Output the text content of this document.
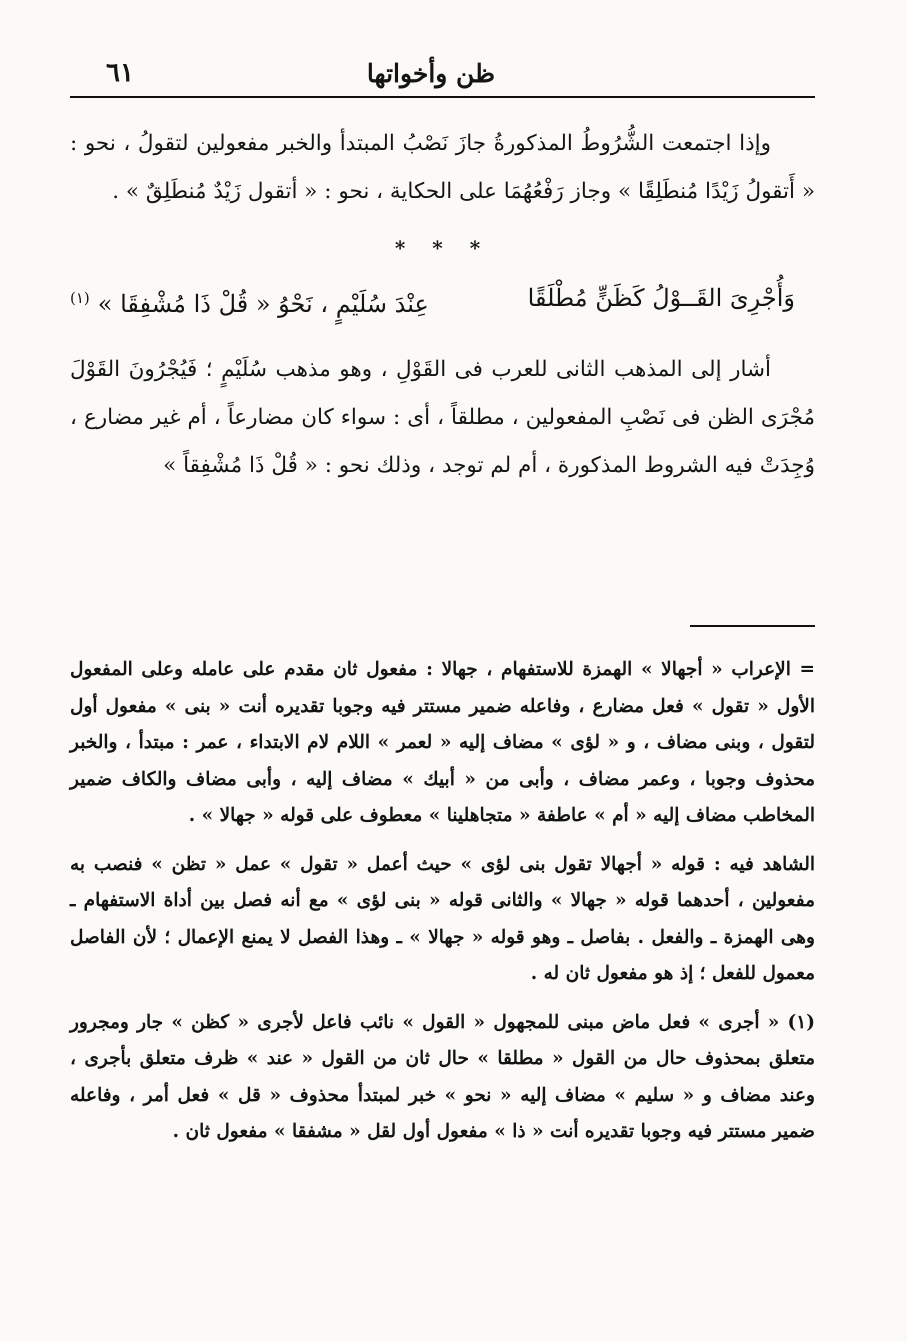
ظن وأخواتها
٦١

وإذا اجتمعت الشُّرُوطُ المذكورةُ جازَ نَصْبُ المبتدأ والخبر مفعولين لتقولُ ، نحو : « أَتقولُ زَيْدًا مُنطَلِقًا » وجاز رَفْعُهُمَا على الحكاية ، نحو : « أتقول زَيْدٌ مُنطَلِقٌ » .

* * *
وَأُجْرِىَ القَــوْلُ كَظَنٍّ مُطْلَقًا
عِنْدَ سُلَيْمٍ ، نَحْوُ « قُلْ ذَا مُشْفِقَا »$^{(١)}$

أشار إلى المذهب الثانى للعرب فى القَوْلِ ، وهو مذهب سُلَيْمٍ ؛ فَيُجْرُونَ القَوْلَ مُجْرَى الظن فى نَصْبِ المفعولين ، مطلقاً ، أى : سواء كان مضارعاً ، أم غير مضارع ، وُجِدَتْ فيه الشروط المذكورة ، أم لم توجد ، وذلك نحو : « قُلْ ذَا مُشْفِقاً »

= الإعراب « أجهالا » الهمزة للاستفهام ، جهالا : مفعول ثان مقدم على عامله وعلى المفعول الأول « تقول » فعل مضارع ، وفاعله ضمير مستتر فيه وجوبا تقديره أنت « بنى » مفعول أول لتقول ، وبنى مضاف ، و « لؤى » مضاف إليه « لعمر » اللام لام الابتداء ، عمر : مبتدأ ، والخبر محذوف وجوبا ، وعمر مضاف ، وأبى من « أبيك » مضاف إليه ، وأبى مضاف والكاف ضمير المخاطب مضاف إليه « أم » عاطفة « متجاهلينا » معطوف على قوله « جهالا » .

الشاهد فيه : قوله « أجهالا تقول بنى لؤى » حيث أعمل « تقول » عمل « تظن » فنصب به مفعولين ، أحدهما قوله « جهالا » والثانى قوله « بنى لؤى » مع أنه فصل بين أداة الاستفهام ـ وهى الهمزة ـ والفعل . بفاصل ـ وهو قوله « جهالا » ـ وهذا الفصل لا يمنع الإعمال ؛ لأن الفاصل معمول للفعل ؛ إذ هو مفعول ثان له .

(١) « أجرى » فعل ماض مبنى للمجهول « القول » نائب فاعل لأجرى « كظن » جار ومجرور متعلق بمحذوف حال من القول « مطلقا » حال ثان من القول « عند » ظرف متعلق بأجرى ، وعند مضاف و « سليم » مضاف إليه « نحو » خبر لمبتدأ محذوف « قل » فعل أمر ، وفاعله ضمير مستتر فيه وجوبا تقديره أنت « ذا » مفعول أول لقل « مشفقا » مفعول ثان .
